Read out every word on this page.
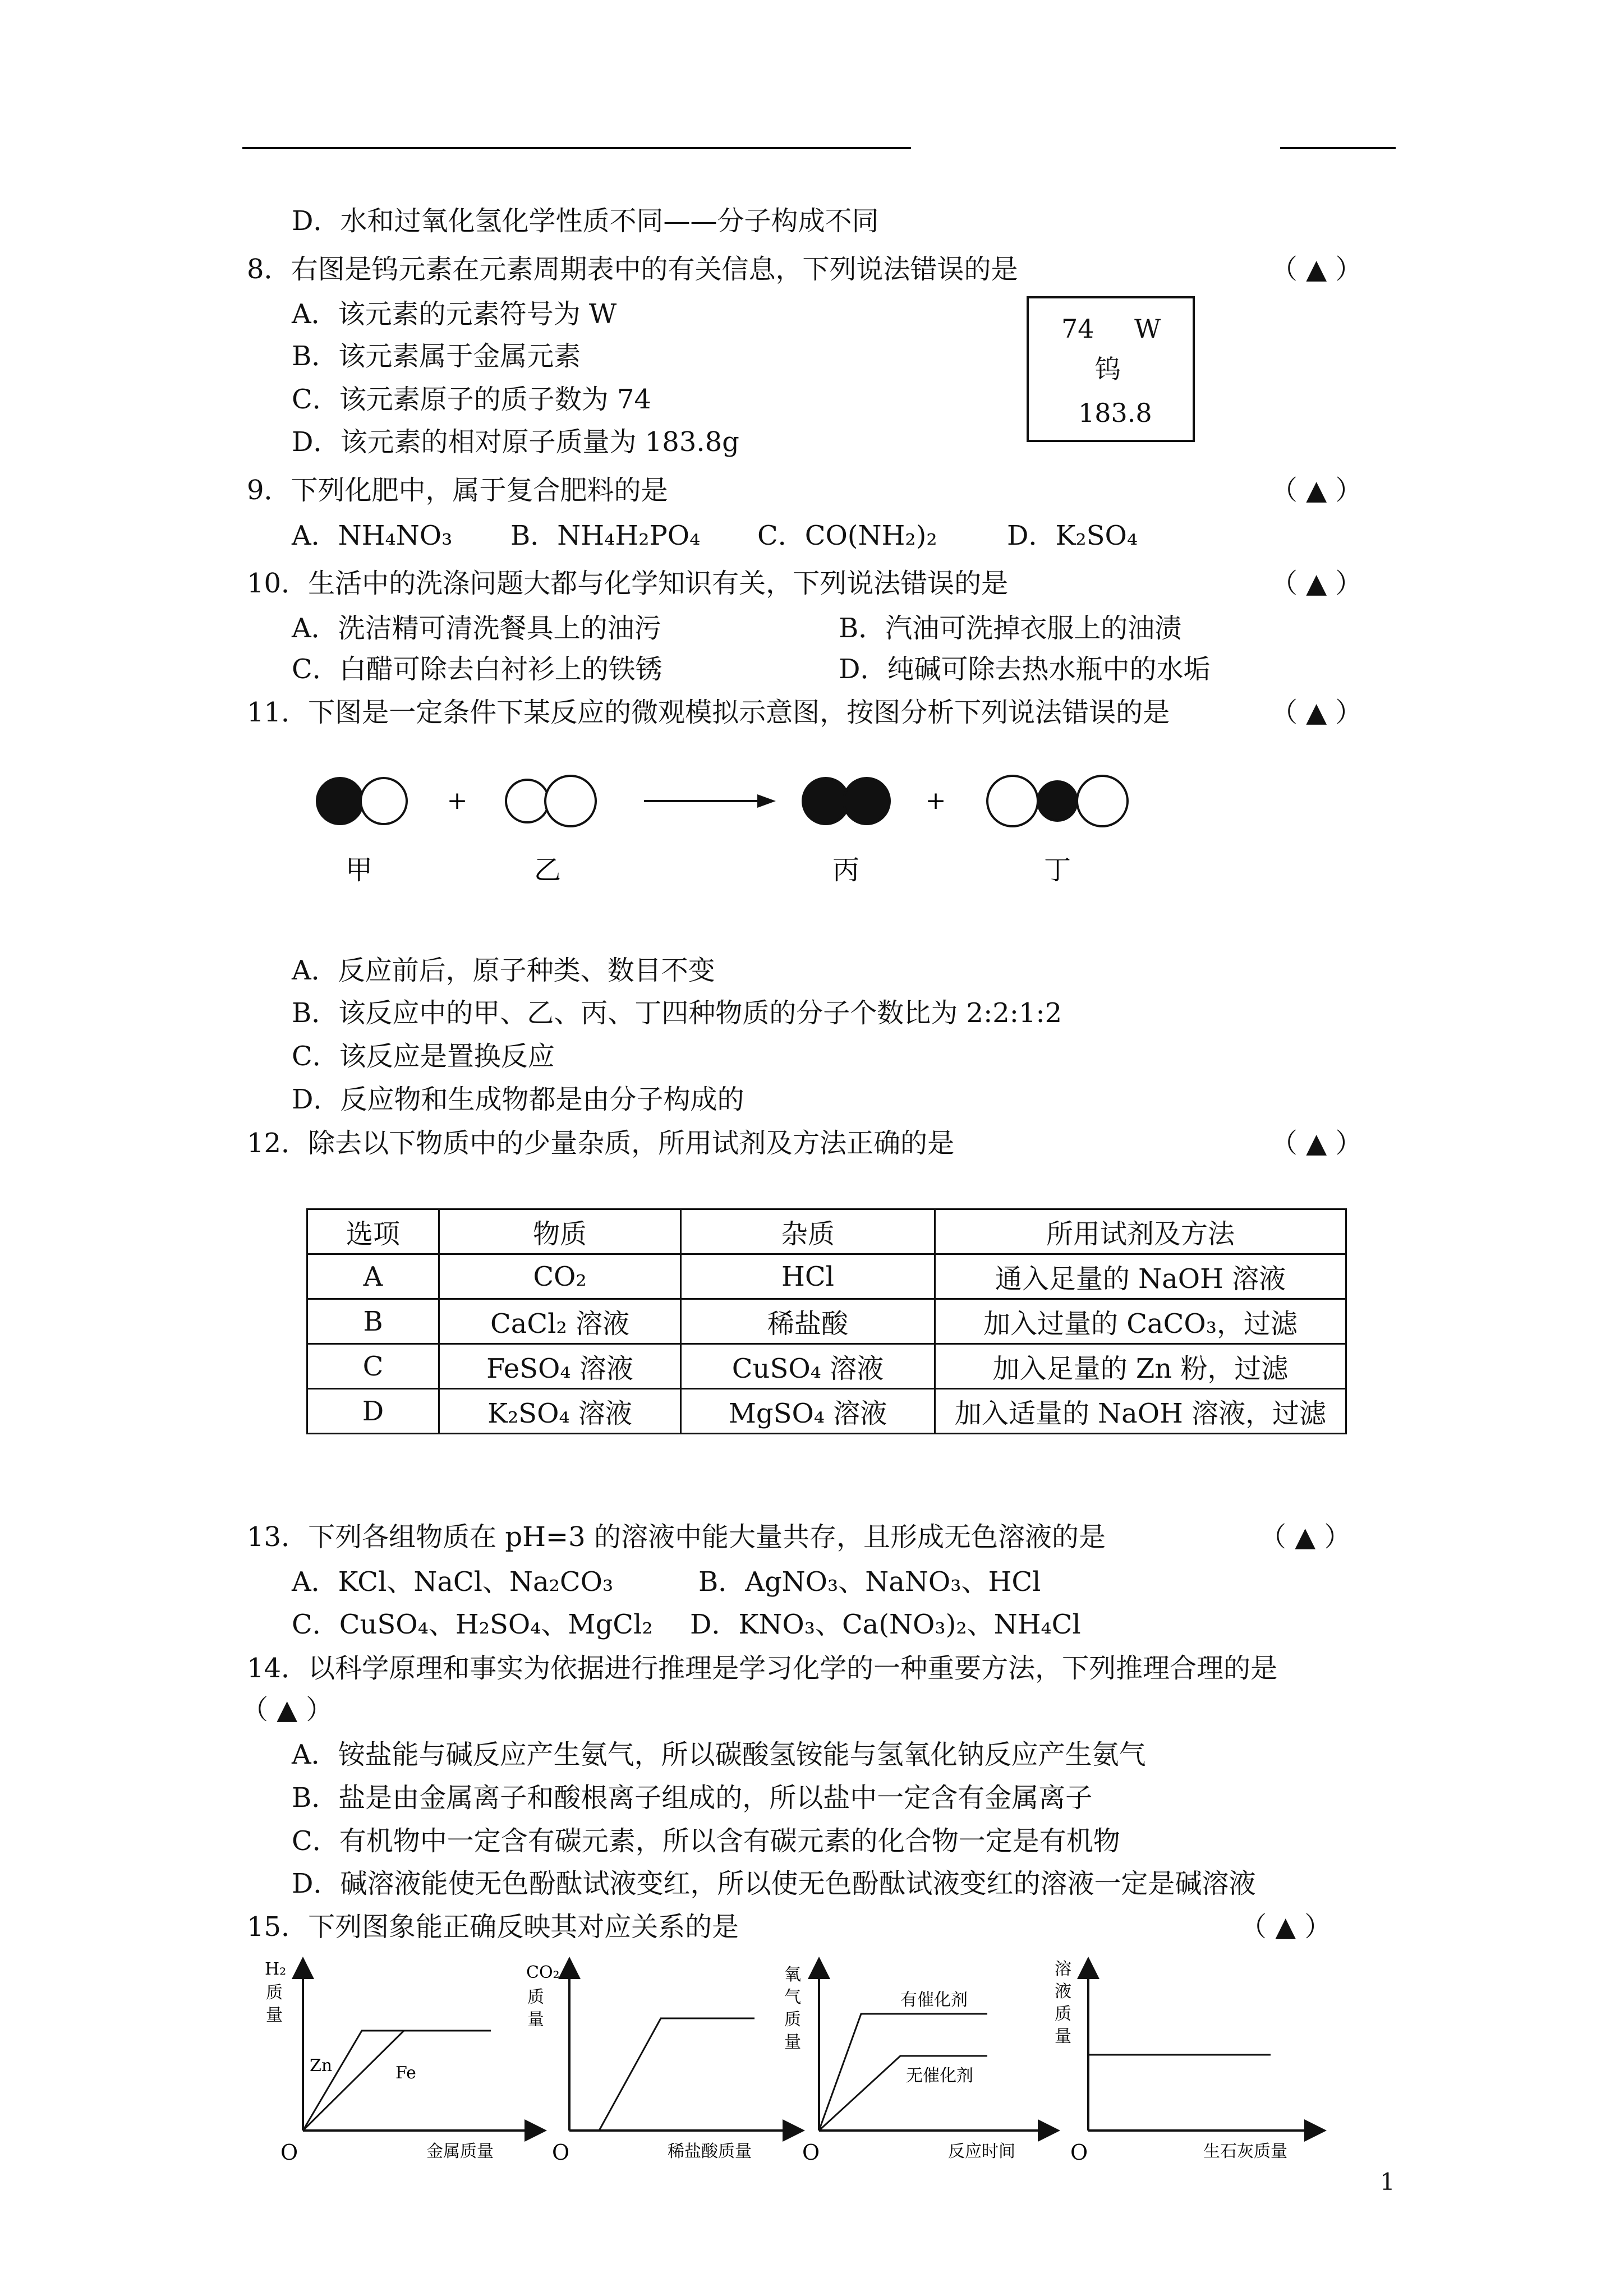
D．水和过氧化氢化学性质不同——分子构成不同
8．右图是钨元素在元素周期表中的有关信息，下列说法错误的是	（ ▲ ）
A．该元素的元素符号为 W
B．该元素属于金属元素
C．该元素原子的质子数为 74
D．该元素的相对原子质量为 183.8g
74 W
钨
183.8
9．下列化肥中，属于复合肥料的是	（ ▲ ）
A．NH₄NO₃ B．NH₄H₂PO₄ C．CO(NH₂)₂	D．K₂SO₄
10．生活中的洗涤问题大都与化学知识有关，下列说法错误的是	（ ▲ ）
A．洗洁精可清洗餐具上的油污	B．汽油可洗掉衣服上的油渍
C．白醋可除去白衬衫上的铁锈	D．纯碱可除去热水瓶中的水垢
11．下图是一定条件下某反应的微观模拟示意图，按图分析下列说法错误的是	（ ▲ ）
+	+
甲	乙	丙	丁
A．反应前后，原子种类、数目不变
B．该反应中的甲、乙、丙、丁四种物质的分子个数比为 2:2:1:2
C．该反应是置换反应
D．反应物和生成物都是由分子构成的
12．除去以下物质中的少量杂质，所用试剂及方法正确的是	（ ▲ ）
选项	物质	杂质	所用试剂及方法
A	CO₂	HCl	通入足量的 NaOH 溶液
B	CaCl₂ 溶液	稀盐酸	加入过量的 CaCO₃，过滤
C	FeSO₄ 溶液	CuSO₄ 溶液	加入足量的 Zn 粉，过滤
D	K₂SO₄ 溶液	MgSO₄ 溶液	加入适量的 NaOH 溶液，过滤
13．下列各组物质在 pH=3 的溶液中能大量共存，且形成无色溶液的是	（ ▲ ）
A．KCl、NaCl、Na₂CO₃	B．AgNO₃、NaNO₃、HCl
C．CuSO₄、H₂SO₄、MgCl₂ D．KNO₃、Ca(NO₃)₂、NH₄Cl
14．以科学原理和事实为依据进行推理是学习化学的一种重要方法，下列推理合理的是
（ ▲ ）
A．铵盐能与碱反应产生氨气，所以碳酸氢铵能与氢氧化钠反应产生氨气
B．盐是由金属离子和酸根离子组成的，所以盐中一定含有金属离子
C．有机物中一定含有碳元素，所以含有碳元素的化合物一定是有机物
D．碱溶液能使无色酚酞试液变红，所以使无色酚酞试液变红的溶液一定是碱溶液
15．下列图象能正确反映其对应关系的是	（ ▲ ）
H₂
质
量
Zn	Fe
O	金属质量
CO₂
质
量
O	稀盐酸质量
氧
气
质
量
有催化剂
无催化剂
O	反应时间
溶
液
质
量
O	生石灰质量
1
